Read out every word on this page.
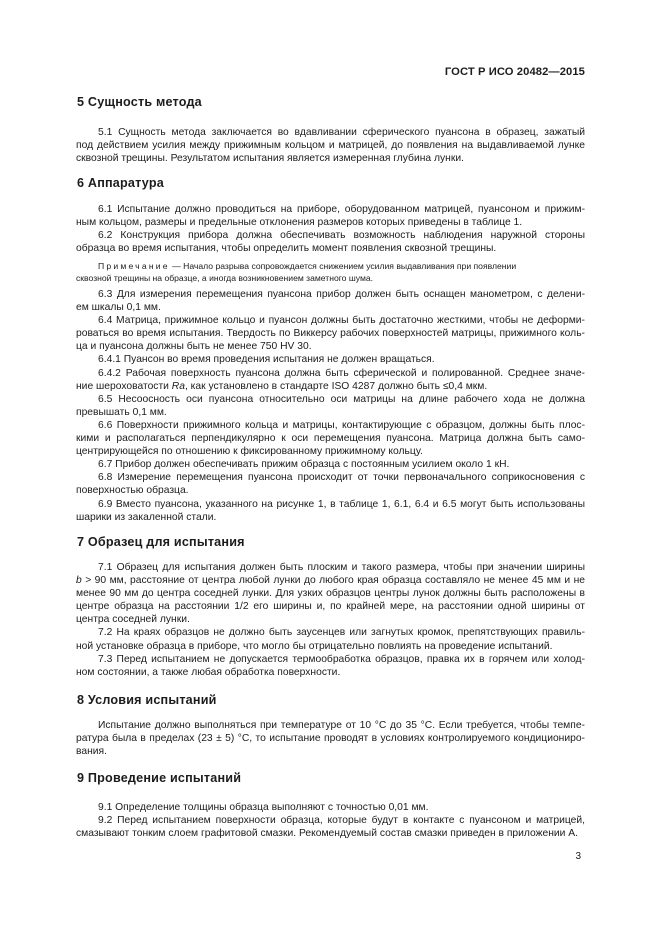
ГОСТ Р ИСО 20482—2015
5 Сущность метода
5.1 Сущность метода заключается во вдавливании сферического пуансона в образец, зажатый
под действием усилия между прижимным кольцом и матрицей, до появления на выдавливаемой лунке
сквозной трещины. Результатом испытания является измеренная глубина лунки.
6 Аппаратура
6.1 Испытание должно проводиться на приборе, оборудованном матрицей, пуансоном и прижим-
ным кольцом, размеры и предельные отклонения размеров которых приведены в таблице 1.
6.2 Конструкция прибора должна обеспечивать возможность наблюдения наружной стороны
образца во время испытания, чтобы определить момент появления сквозной трещины.
Примечание — Начало разрыва сопровождается снижением усилия выдавливания при появлении
сквозной трещины на образце, а иногда возникновением заметного шума.
6.3 Для измерения перемещения пуансона прибор должен быть оснащен манометром, с делени-
ем шкалы 0,1 мм.
6.4 Матрица, прижимное кольцо и пуансон должны быть достаточно жесткими, чтобы не деформи-
роваться во время испытания. Твердость по Виккерсу рабочих поверхностей матрицы, прижимного коль-
ца и пуансона должны быть не менее 750 HV 30.
6.4.1 Пуансон во время проведения испытания не должен вращаться.
6.4.2 Рабочая поверхность пуансона должна быть сферической и полированной. Среднее значе-
ние шероховатости Ra, как установлено в стандарте ISO 4287 должно быть ≤0,4 мкм.
6.5 Несоосность оси пуансона относительно оси матрицы на длине рабочего хода не должна
превышать 0,1 мм.
6.6 Поверхности прижимного кольца и матрицы, контактирующие с образцом, должны быть плос-
кими и располагаться перпендикулярно к оси перемещения пуансона. Матрица должна быть само-
центрирующейся по отношению к фиксированному прижимному кольцу.
6.7 Прибор должен обеспечивать прижим образца с постоянным усилием около 1 кН.
6.8 Измерение перемещения пуансона происходит от точки первоначального соприкосновения с
поверхностью образца.
6.9 Вместо пуансона, указанного на рисунке 1, в таблице 1, 6.1, 6.4 и 6.5 могут быть использованы
шарики из закаленной стали.
7 Образец для испытания
7.1 Образец для испытания должен быть плоским и такого размера, чтобы при значении ширины
b > 90 мм, расстояние от центра любой лунки до любого края образца составляло не менее 45 мм и не
менее 90 мм до центра соседней лунки. Для узких образцов центры лунок должны быть расположены в
центре образца на расстоянии 1/2 его ширины и, по крайней мере, на расстоянии одной ширины от
центра соседней лунки.
7.2 На краях образцов не должно быть заусенцев или загнутых кромок, препятствующих правиль-
ной установке образца в приборе, что могло бы отрицательно повлиять на проведение испытаний.
7.3 Перед испытанием не допускается термообработка образцов, правка их в горячем или холод-
ном состоянии, а также любая обработка поверхности.
8 Условия испытаний
Испытание должно выполняться при температуре от 10 °С до 35 °С. Если требуется, чтобы темпе-
ратура была в пределах (23 ± 5) °С, то испытание проводят в условиях контролируемого кондициониро-
вания.
9 Проведение испытаний
9.1 Определение толщины образца выполняют с точностью 0,01 мм.
9.2 Перед испытанием поверхности образца, которые будут в контакте с пуансоном и матрицей,
смазывают тонким слоем графитовой смазки. Рекомендуемый состав смазки приведен в приложении А.
3
